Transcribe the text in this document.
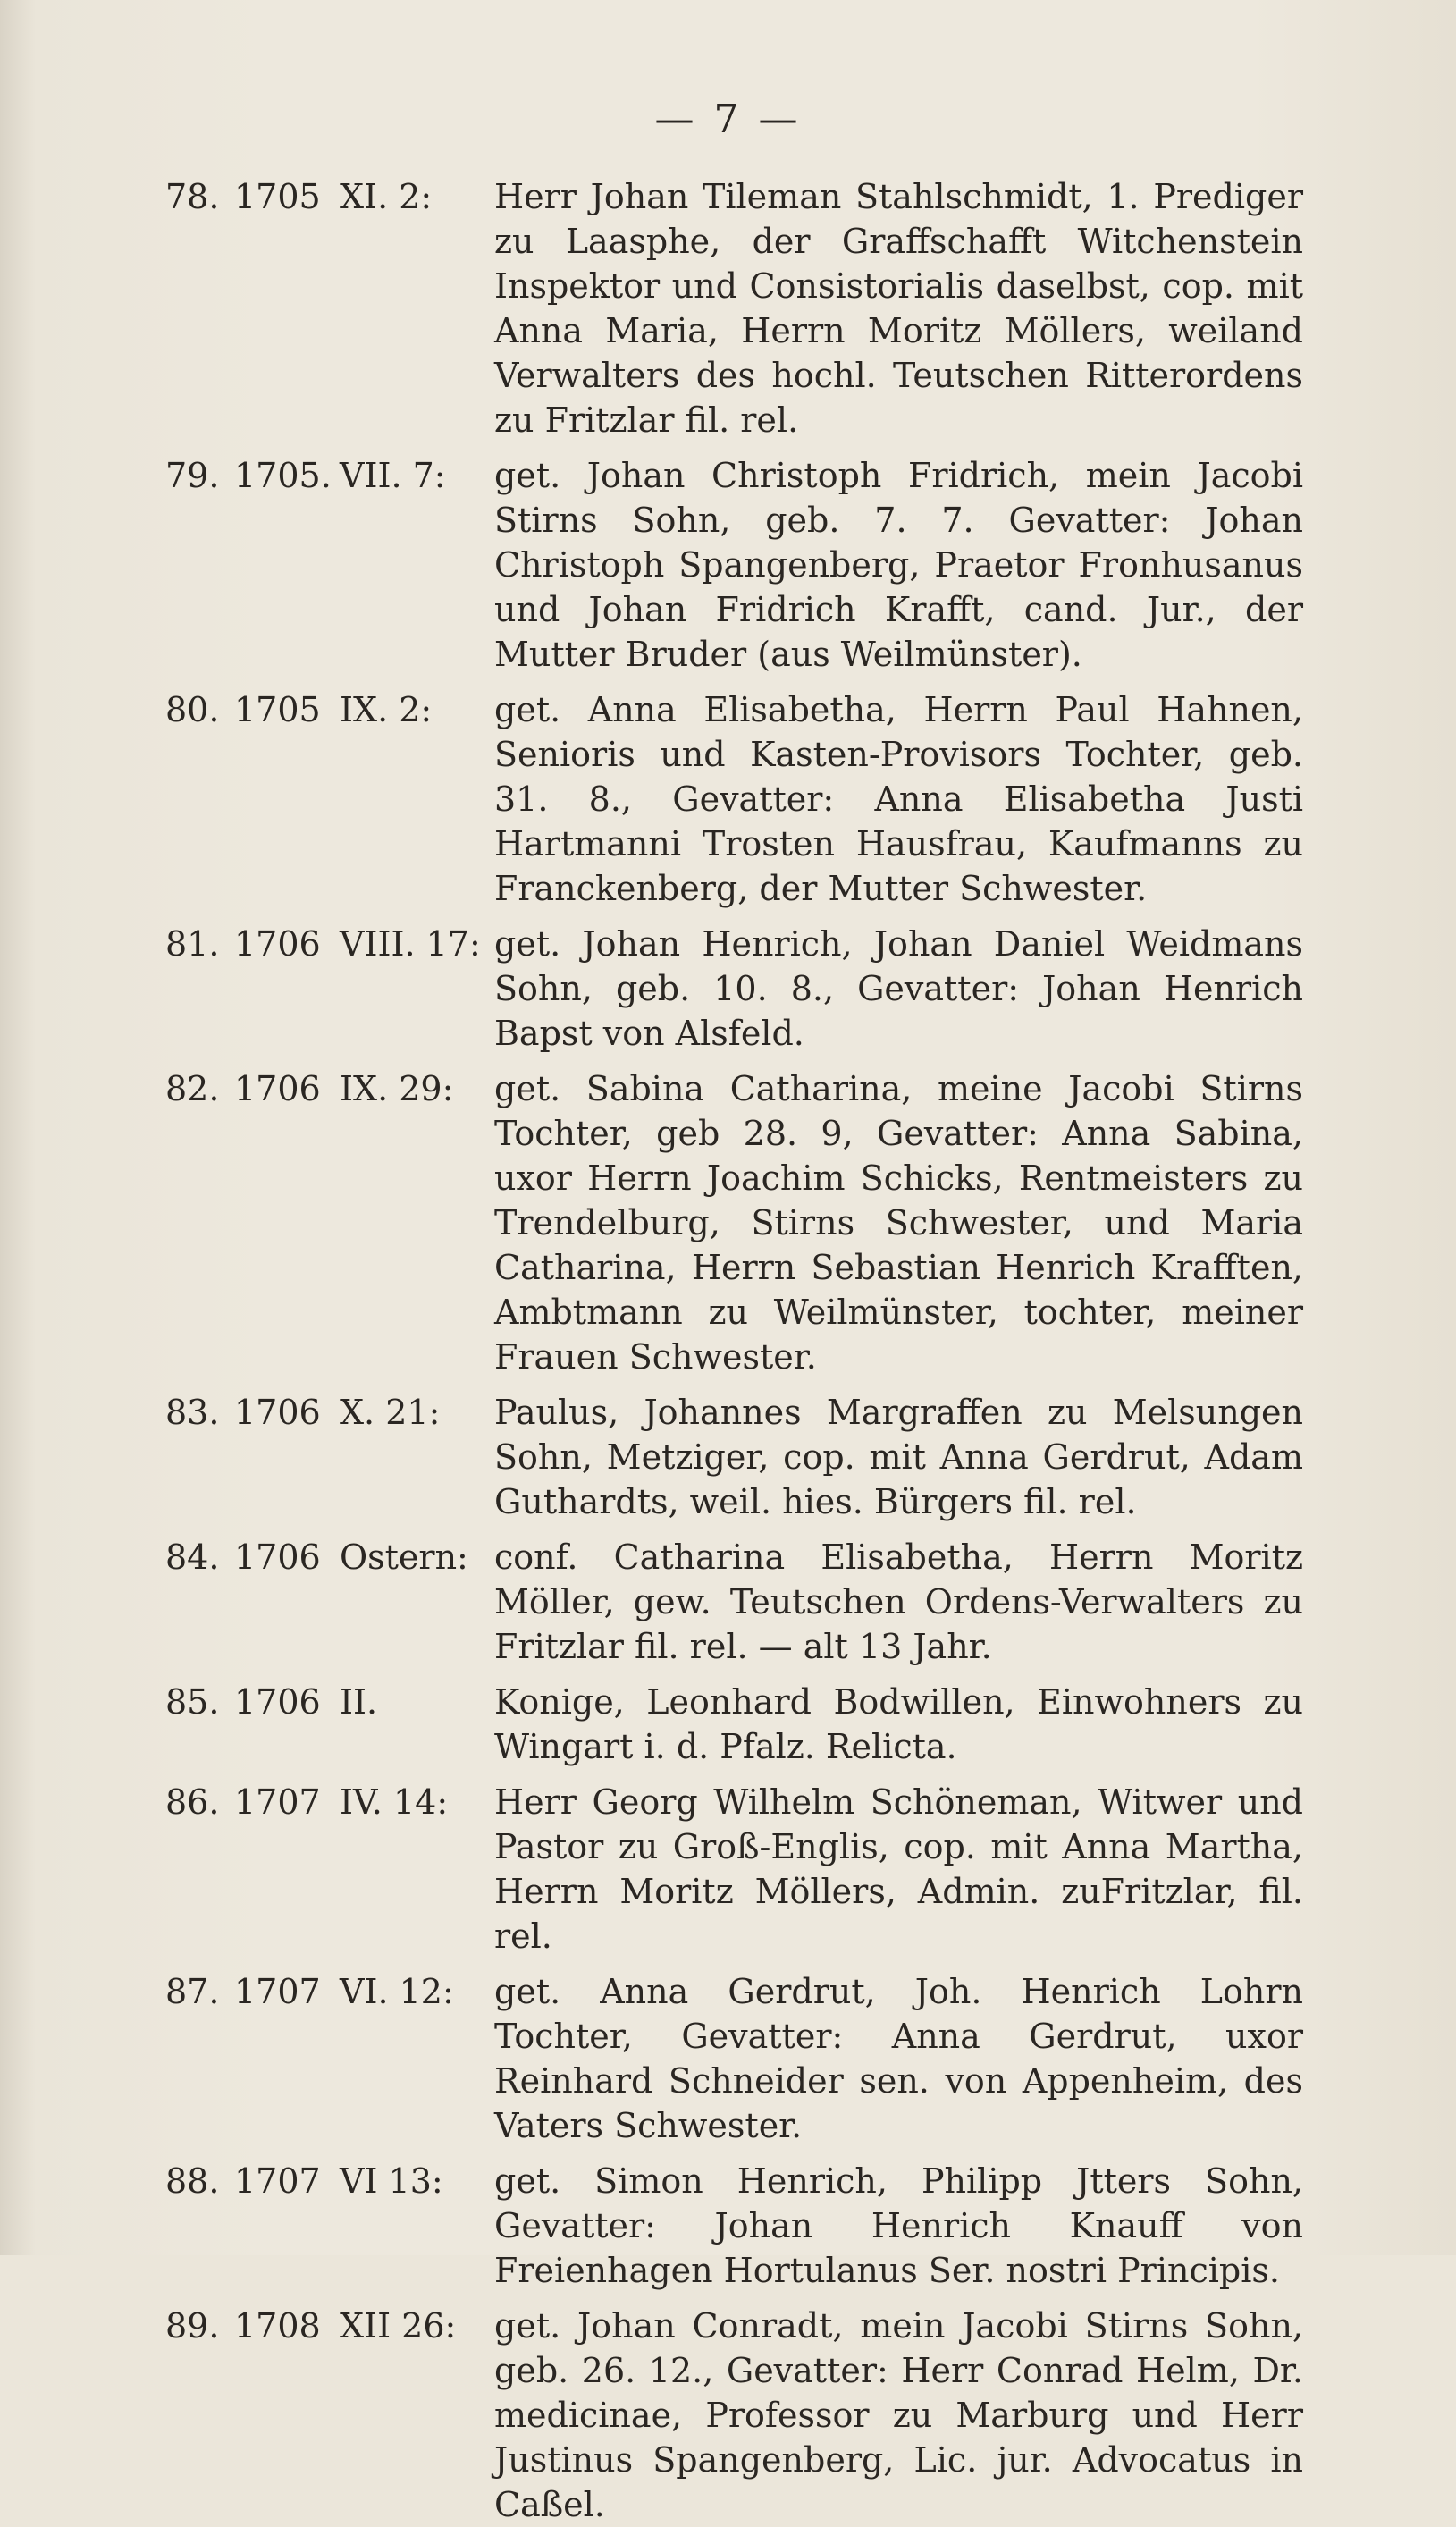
— 7 —
78. 1705 XI. 2:	Herr Johan Tileman Stahlschmidt, 1. Prediger zu Laasphe, der Graffschafft Witchenstein Inspektor und Consistorialis daselbst, cop. mit Anna Maria, Herrn Moritz Möllers, weiland Verwalters des hochl. Teutschen Ritterordens zu Fritzlar fil. rel.
79. 1705. VII. 7:	get. Johan Christoph Fridrich, mein Jacobi Stirns Sohn, geb. 7. 7. Gevatter: Johan Christoph Spangenberg, Praetor Fronhusanus und Johan Fridrich Krafft, cand. Jur., der Mutter Bruder (aus Weilmünster).
80. 1705 IX. 2:	get. Anna Elisabetha, Herrn Paul Hahnen, Senioris und Kasten-Provisors Tochter, geb. 31. 8., Gevatter: Anna Elisabetha Justi Hartmanni Trosten Hausfrau, Kaufmanns zu Franckenberg, der Mutter Schwester.
81. 1706 VIII. 17: get. Johan Henrich, Johan Daniel Weidmans Sohn, geb. 10. 8., Gevatter: Johan Henrich Bapst von Alsfeld.
82. 1706 IX. 29:	get. Sabina Catharina, meine Jacobi Stirns Tochter, geb 28. 9, Gevatter: Anna Sabina, uxor Herrn Joachim Schicks, Rentmeisters zu Trendelburg, Stirns Schwester, und Maria Catharina, Herrn Sebastian Henrich Krafften, Ambtmann zu Weilmünster, tochter, meiner Frauen Schwester.
83. 1706 X. 21:	Paulus, Johannes Margraffen zu Melsungen Sohn, Metziger, cop. mit Anna Gerdrut, Adam Guthardts, weil. hies. Bürgers fil. rel.
84. 1706 Ostern: conf. Catharina Elisabetha, Herrn Moritz Möller, gew. Teutschen Ordens-Verwalters zu Fritzlar fil. rel. — alt 13 Jahr.
85. 1706 II.	Konige, Leonhard Bodwillen, Einwohners zu Wingart i. d. Pfalz. Relicta.
86. 1707 IV. 14:	Herr Georg Wilhelm Schöneman, Witwer und Pastor zu Groß-Englis, cop. mit Anna Martha, Herrn Moritz Möllers, Admin. zuFritzlar, fil. rel.
87. 1707 VI. 12:	get. Anna Gerdrut, Joh. Henrich Lohrn Tochter, Gevatter: Anna Gerdrut, uxor Reinhard Schneider sen. von Appenheim, des Vaters Schwester.
88. 1707 VI 13:	get. Simon Henrich, Philipp Jtters Sohn, Gevatter: Johan Henrich Knauff von Freienhagen Hortulanus Ser. nostri Principis.
89. 1708 XII 26:	get. Johan Conradt, mein Jacobi Stirns Sohn, geb. 26. 12., Gevatter: Herr Conrad Helm, Dr. medicinae, Professor zu Marburg und Herr Justinus Spangenberg, Lic. jur. Advocatus in Caßel.
